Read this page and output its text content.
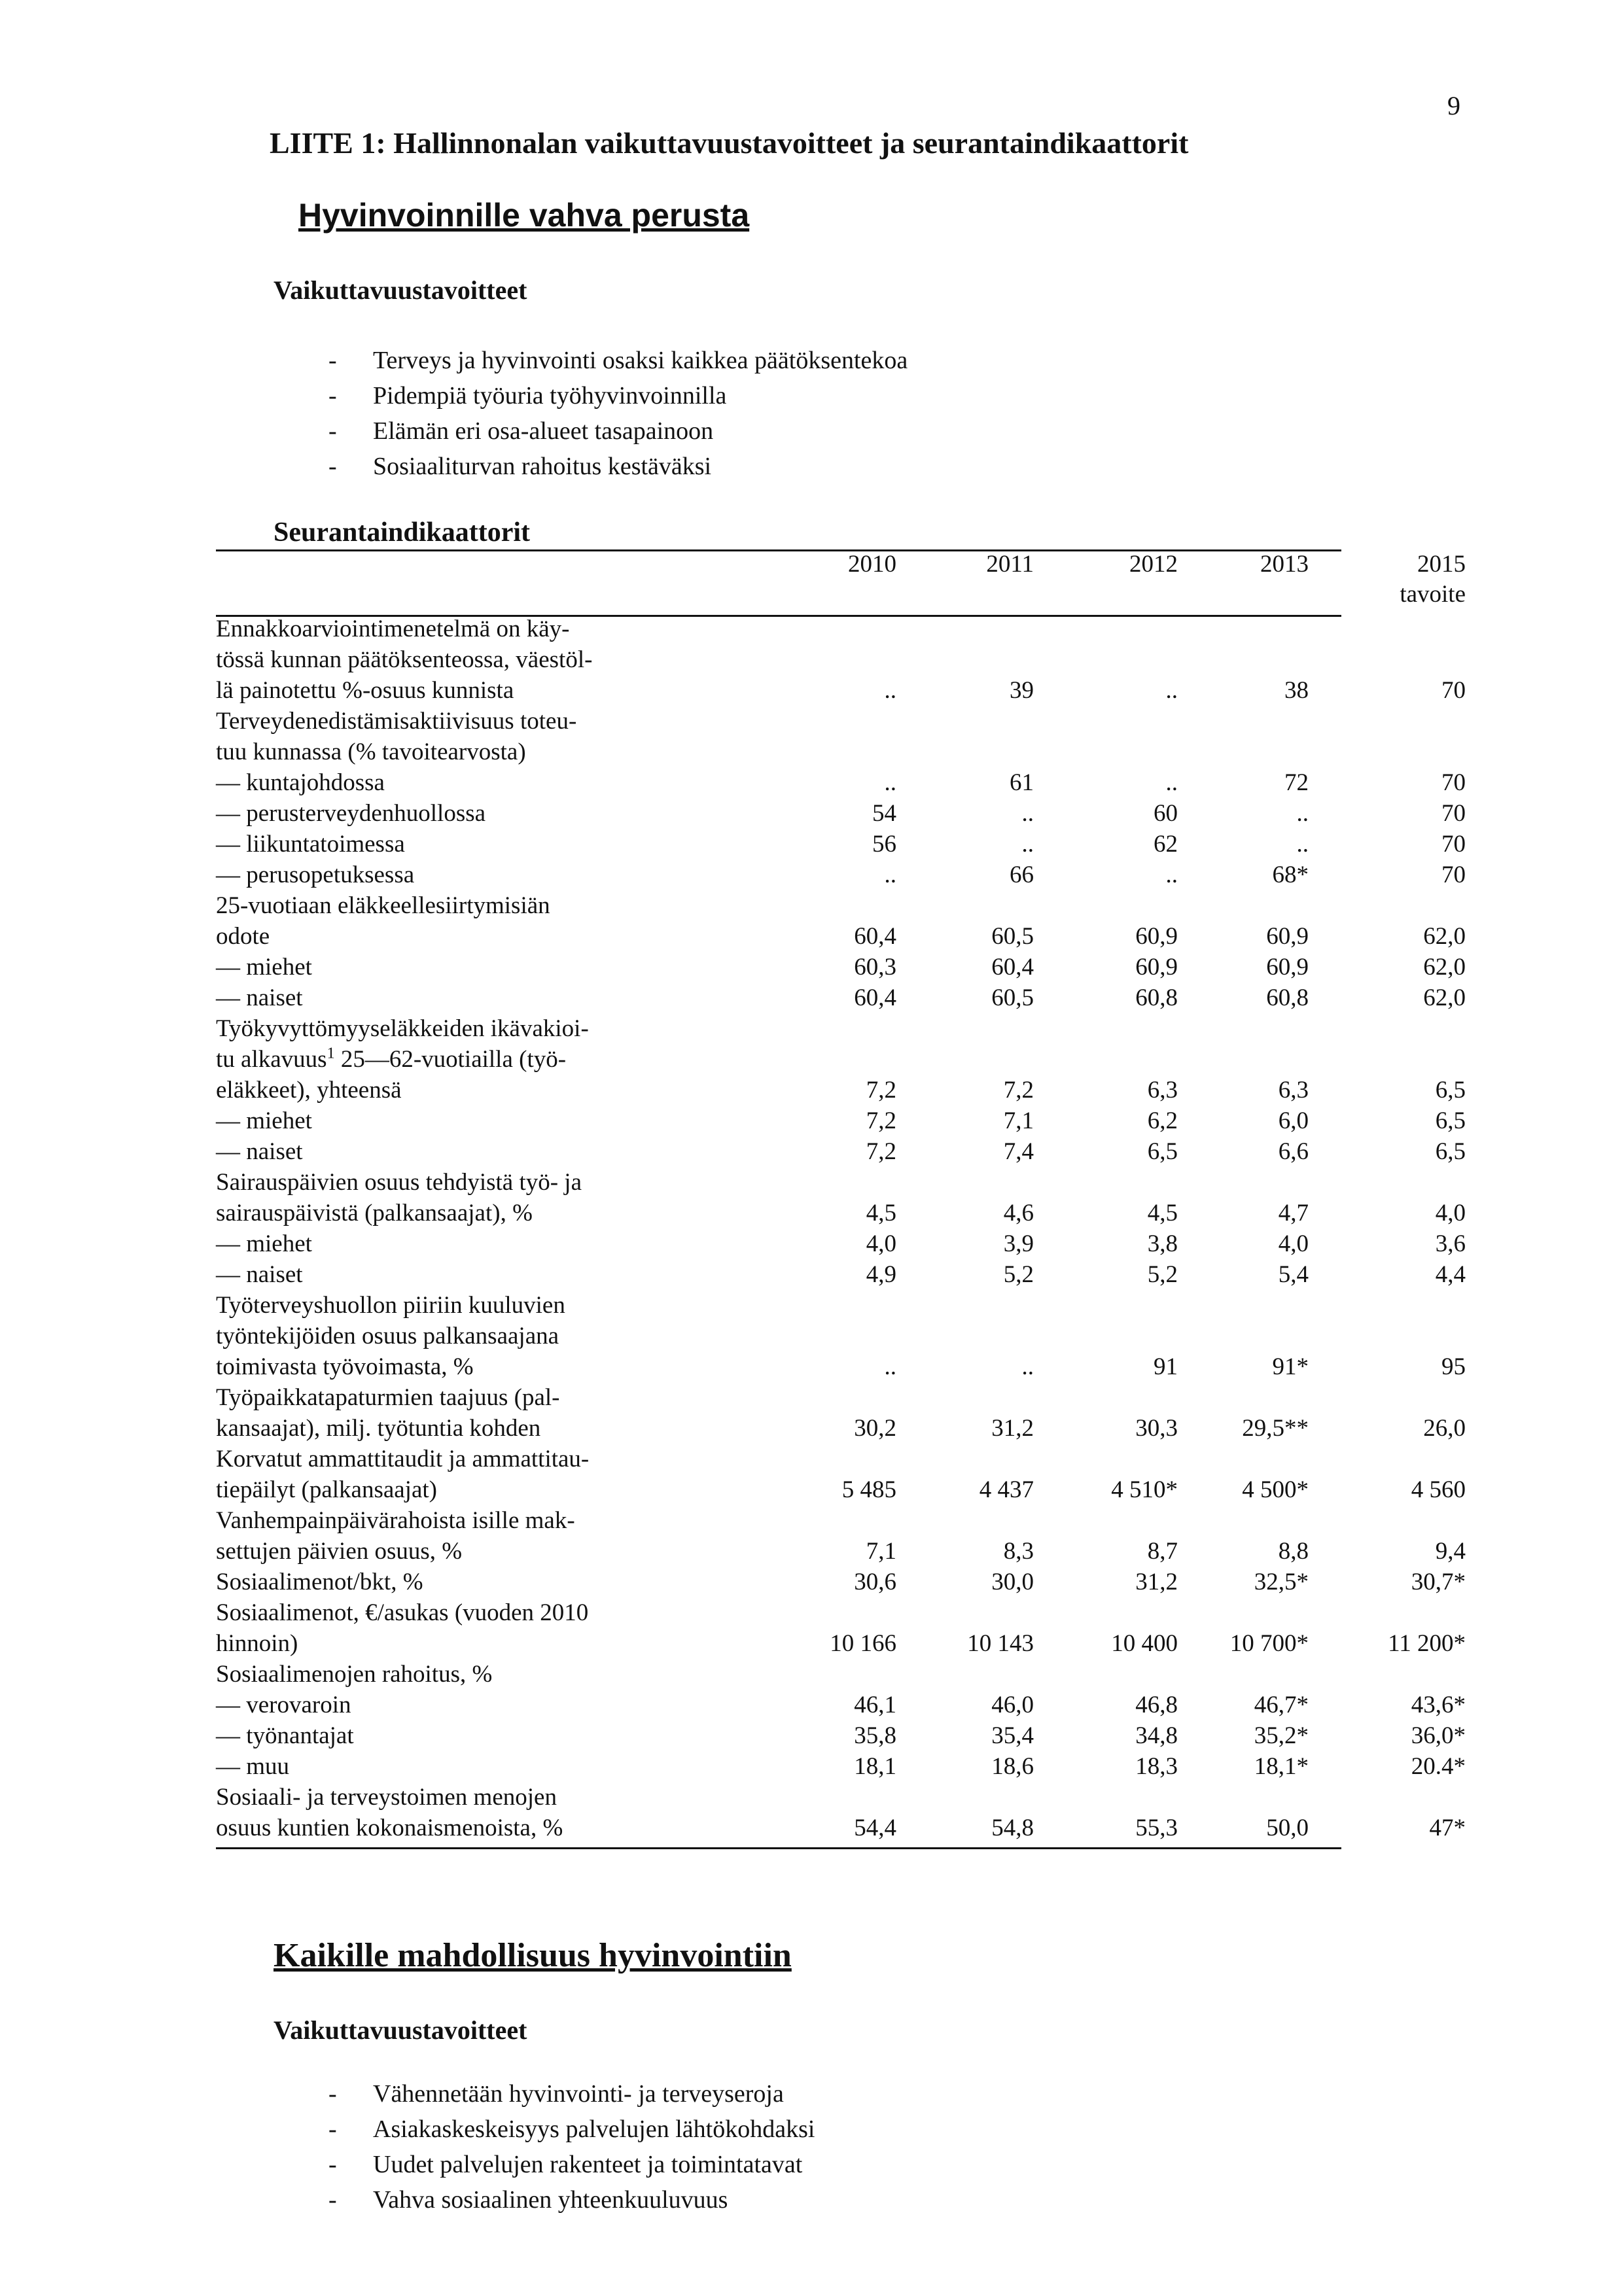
9
LIITE 1: Hallinnonalan vaikuttavuustavoitteet ja seurantaindikaattorit
Hyvinvoinnille vahva perusta
Vaikuttavuustavoitteet
- Terveys ja hyvinvointi osaksi kaikkea päätöksentekoa
- Pidempiä työuria työhyvinvoinnilla
- Elämän eri osa-alueet tasapainoon
- Sosiaaliturvan rahoitus kestäväksi
Seurantaindikaattorit
2010	2011	2012	2013	2015
tavoite
Ennakkoarviointimenetelmä on käy-
tössä kunnan päätöksenteossa, väestöl-
lä painotettu %-osuus kunnista	..	39	..	38	70
Terveydenedistämisaktiivisuus toteu-
tuu kunnassa (% tavoitearvosta)
— kuntajohdossa	..	61	..	72	70
— perusterveydenhuollossa	54	..	60	..	70
— liikuntatoimessa	56	..	62	..	70
— perusopetuksessa	..	66	..	68*	70
25-vuotiaan eläkkeellesiirtymisiän
odote	60,4	60,5	60,9	60,9	62,0
— miehet	60,3	60,4	60,9	60,9	62,0
— naiset	60,4	60,5	60,8	60,8	62,0
Työkyvyttömyyseläkkeiden ikävakioi-
tu alkavuus$^1$ 25—62-vuotiailla (työ-
eläkkeet), yhteensä	7,2	7,2	6,3	6,3	6,5
— miehet	7,2	7,1	6,2	6,0	6,5
— naiset	7,2	7,4	6,5	6,6	6,5
Sairauspäivien osuus tehdyistä työ- ja
sairauspäivistä (palkansaajat), %	4,5	4,6	4,5	4,7	4,0
— miehet	4,0	3,9	3,8	4,0	3,6
— naiset	4,9	5,2	5,2	5,4	4,4
Työterveyshuollon piiriin kuuluvien
työntekijöiden osuus palkansaajana
toimivasta työvoimasta, %	..	..	91	91*	95
Työpaikkatapaturmien taajuus (pal-
kansaajat), milj. työtuntia kohden	30,2	31,2	30,3	29,5**	26,0
Korvatut ammattitaudit ja ammattitau-
tiepäilyt (palkansaajat)	5 485	4 437	4 510*	4 500*	4 560
Vanhempainpäivärahoista isille mak-
settujen päivien osuus, %	7,1	8,3	8,7	8,8	9,4
Sosiaalimenot/bkt, %	30,6	30,0	31,2	32,5*	30,7*
Sosiaalimenot, €/asukas (vuoden 2010
hinnoin)	10 166	10 143	10 400	10 700*	11 200*
Sosiaalimenojen rahoitus, %
— verovaroin	46,1	46,0	46,8	46,7*	43,6*
— työnantajat	35,8	35,4	34,8	35,2*	36,0*
— muu	18,1	18,6	18,3	18,1*	20.4*
Sosiaali- ja terveystoimen menojen
osuus kuntien kokonaismenoista, %	54,4	54,8	55,3	50,0	47*
Kaikille mahdollisuus hyvinvointiin
Vaikuttavuustavoitteet
- Vähennetään hyvinvointi- ja terveyseroja
- Asiakaskeskeisyys palvelujen lähtökohdaksi
- Uudet palvelujen rakenteet ja toimintatavat
- Vahva sosiaalinen yhteenkuuluvuus
